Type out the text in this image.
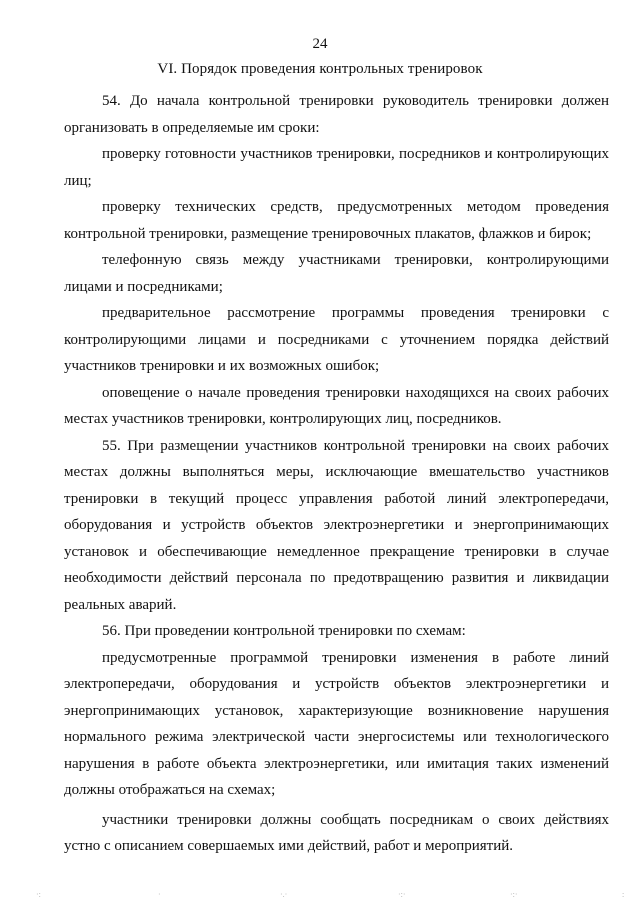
24
VI. Порядок проведения контрольных тренировок

54. До начала контрольной тренировки руководитель тренировки должен организовать в определяемые им сроки:

проверку готовности участников тренировки, посредников и контролирующих лиц;

проверку технических средств, предусмотренных методом проведения контрольной тренировки, размещение тренировочных плакатов, флажков и бирок;

телефонную связь между участниками тренировки, контролирующими лицами и посредниками;

предварительное рассмотрение программы проведения тренировки с контролирующими лицами и посредниками с уточнением порядка действий участников тренировки и их возможных ошибок;

оповещение о начале проведения тренировки находящихся на своих рабочих местах участников тренировки, контролирующих лиц, посредников.

55. При размещении участников контрольной тренировки на своих рабочих местах должны выполняться меры, исключающие вмешательство участников тренировки в текущий процесс управления работой линий электропередачи, оборудования и устройств объектов электроэнергетики и энергопринимающих установок и обеспечивающие немедленное прекращение тренировки в случае необходимости действий персонала по предотвращению развития и ликвидации реальных аварий.

56. При проведении контрольной тренировки по схемам:

предусмотренные программой тренировки изменения в работе линий электропередачи, оборудования и устройств объектов электроэнергетики и энергопринимающих установок, характеризующие возникновение нарушения нормального режима электрической части энергосистемы или технологического нарушения в работе объекта электроэнергетики, или имитация таких изменений должны отображаться на схемах;

участники тренировки должны сообщать посредникам о своих действиях устно с описанием совершаемых ими действий, работ и мероприятий.

·:	·	·.·	·:·	·:·	:
